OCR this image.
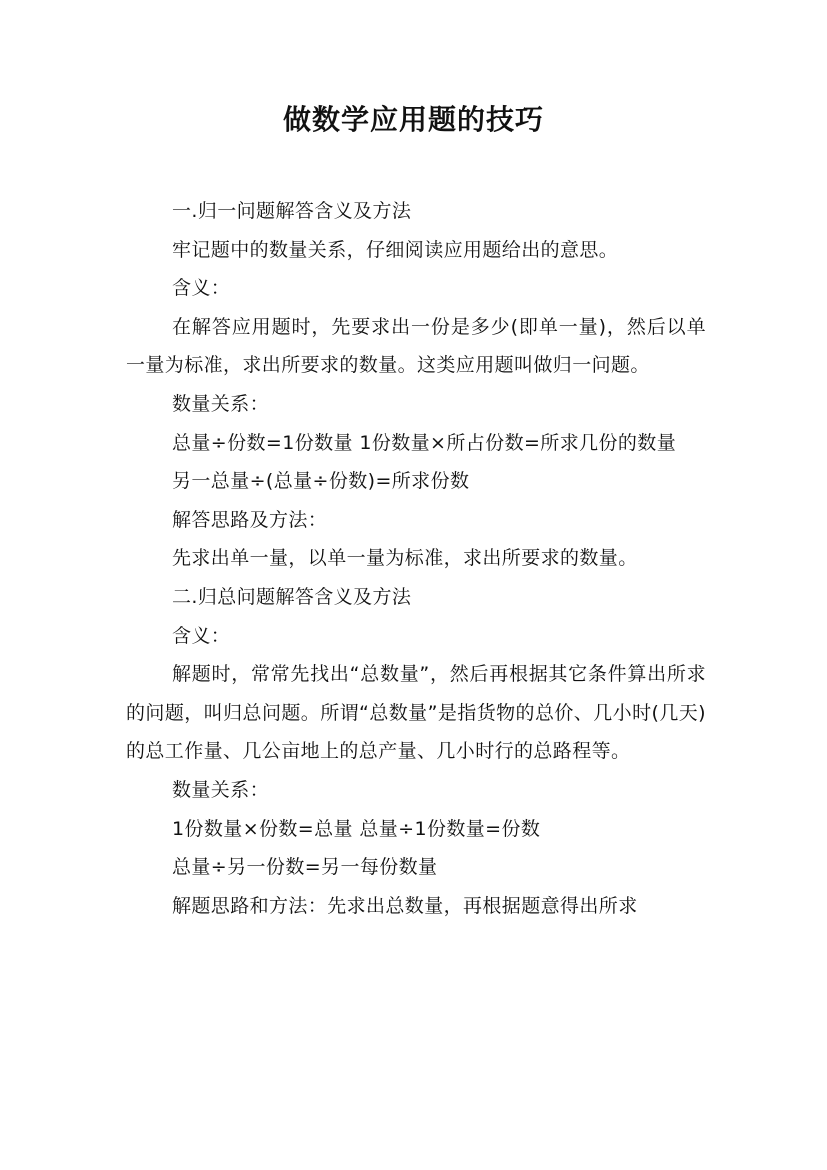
做数学应用题的技巧

一.归一问题解答含义及方法

牢记题中的数量关系，仔细阅读应用题给出的意思。

含义：

在解答应用题时，先要求出一份是多少(即单一量)，然后以单一量为标准，求出所要求的数量。这类应用题叫做归一问题。

数量关系：

总量÷份数=1份数量 1份数量×所占份数=所求几份的数量

另一总量÷(总量÷份数)=所求份数

解答思路及方法：

先求出单一量，以单一量为标准，求出所要求的数量。

二.归总问题解答含义及方法

含义：

解题时，常常先找出“总数量”，然后再根据其它条件算出所求的问题，叫归总问题。所谓“总数量”是指货物的总价、几小时(几天)的总工作量、几公亩地上的总产量、几小时行的总路程等。

数量关系：

1份数量×份数=总量 总量÷1份数量=份数

总量÷另一份数=另一每份数量

解题思路和方法：先求出总数量，再根据题意得出所求
